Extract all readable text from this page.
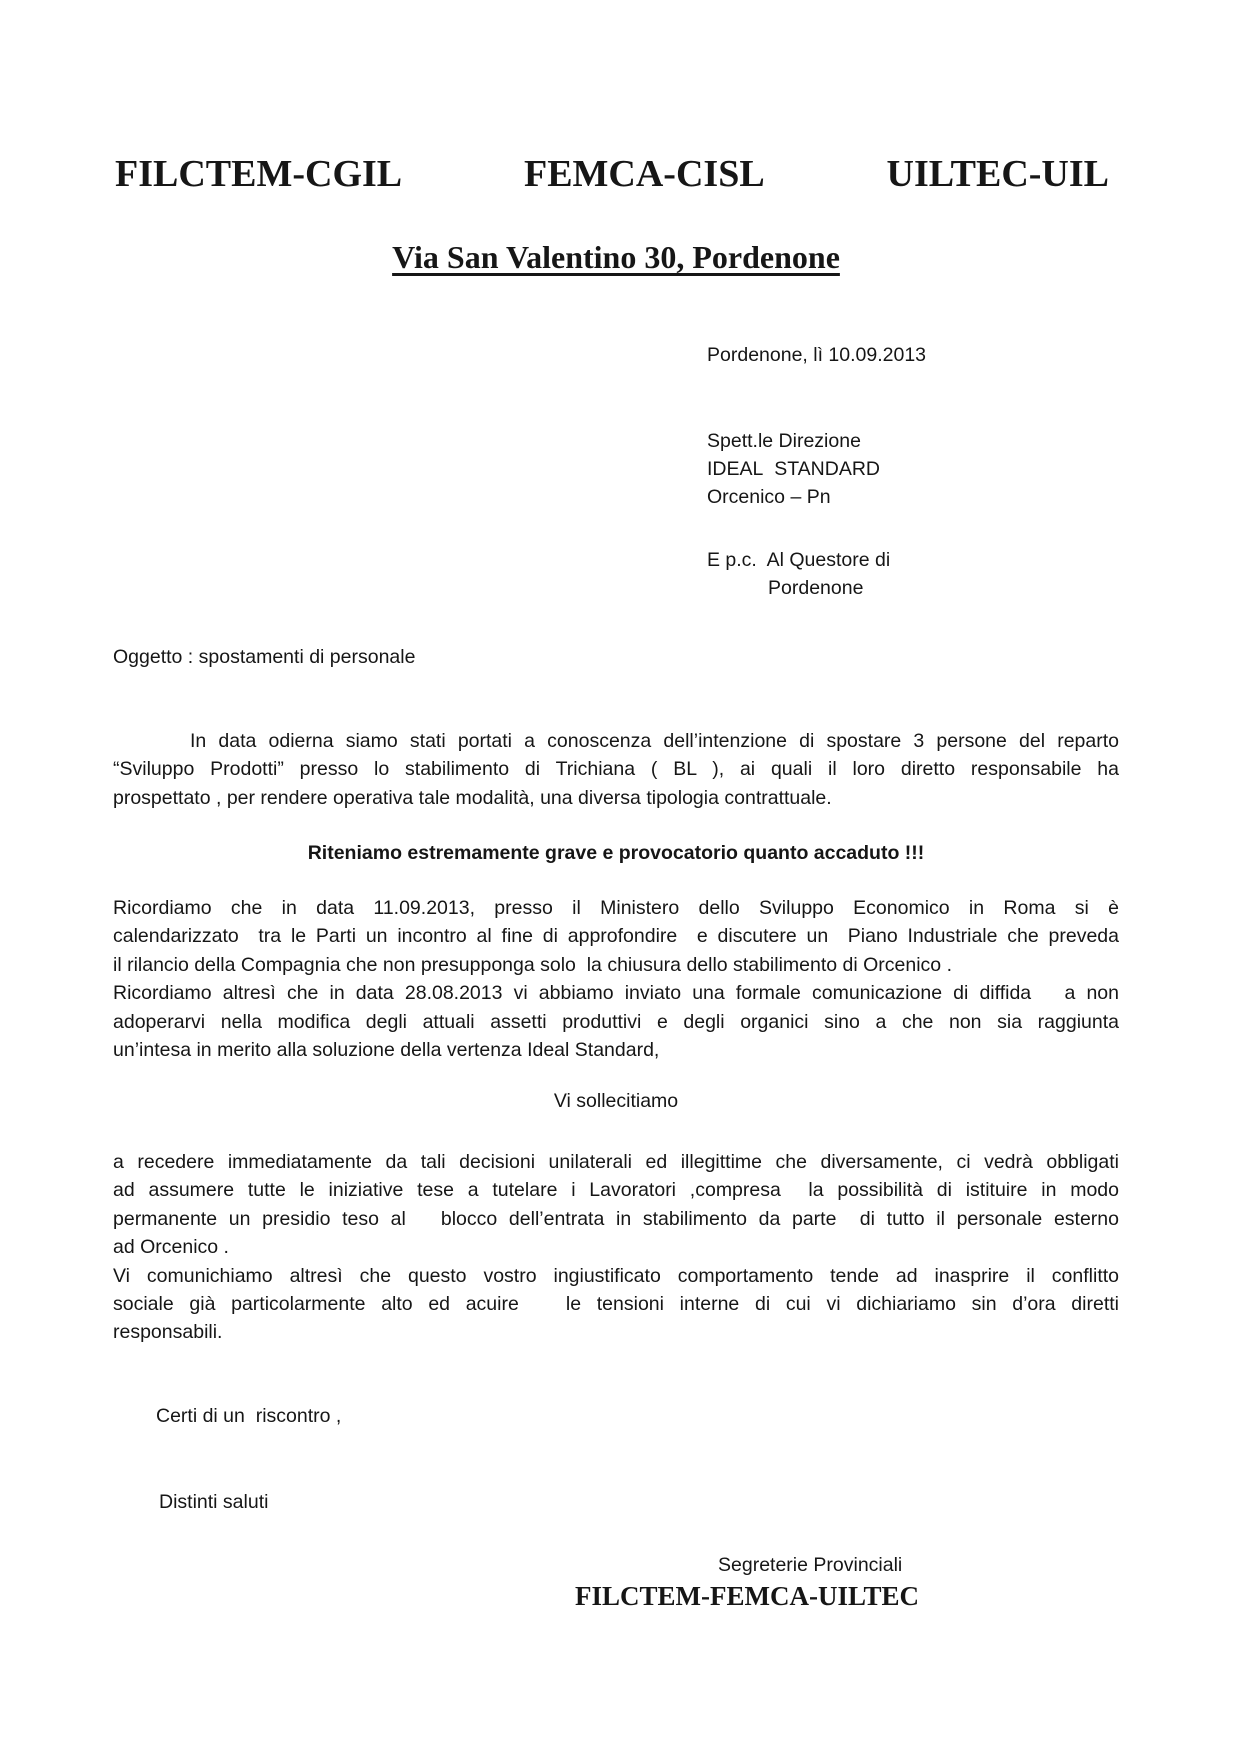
FILCTEM-CGIL	FEMCA-CISL	UILTEC-UIL
Via San Valentino 30, Pordenone
Pordenone, lì 10.09.2013
Spett.le Direzione
IDEAL  STANDARD
Orcenico – Pn
E p.c.  Al Questore di
Pordenone
Oggetto : spostamenti di personale
In data odierna siamo stati portati a conoscenza dell’intenzione di spostare 3 persone del reparto
“Sviluppo Prodotti” presso lo stabilimento di Trichiana ( BL ), ai quali il loro diretto responsabile ha
prospettato , per rendere operativa tale modalità, una diversa tipologia contrattuale.
Riteniamo estremamente grave e provocatorio quanto accaduto !!!
Ricordiamo che in data 11.09.2013, presso il Ministero dello Sviluppo Economico in Roma si è
calendarizzato  tra le Parti un incontro al fine di approfondire  e discutere un  Piano Industriale che preveda
il rilancio della Compagnia che non presupponga solo  la chiusura dello stabilimento di Orcenico .
Ricordiamo altresì che in data 28.08.2013 vi abbiamo inviato una formale comunicazione di diffida   a non
adoperarvi nella modifica degli attuali assetti produttivi e degli organici sino a che non sia raggiunta
un’intesa in merito alla soluzione della vertenza Ideal Standard,
Vi sollecitiamo
a recedere immediatamente da tali decisioni unilaterali ed illegittime che diversamente, ci vedrà obbligati
ad assumere tutte le iniziative tese a tutelare i Lavoratori ,compresa  la possibilità di istituire in modo
permanente un presidio teso al   blocco dell’entrata in stabilimento da parte  di tutto il personale esterno
ad Orcenico .
Vi comunichiamo altresì che questo vostro ingiustificato comportamento tende ad inasprire il conflitto
sociale già particolarmente alto ed acuire   le tensioni interne di cui vi dichiariamo sin d’ora diretti
responsabili.
Certi di un  riscontro ,
Distinti saluti
Segreterie Provinciali
FILCTEM-FEMCA-UILTEC
